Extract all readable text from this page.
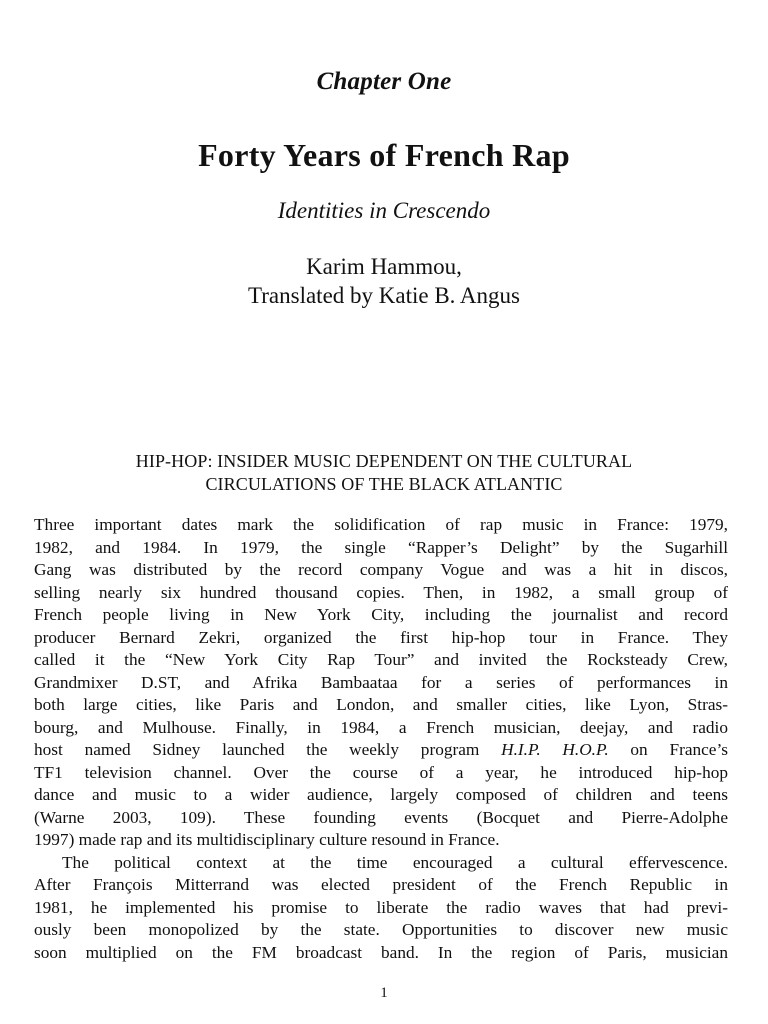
Chapter One
Forty Years of French Rap
Identities in Crescendo
Karim Hammou,
Translated by Katie B. Angus
HIP-HOP: INSIDER MUSIC DEPENDENT ON THE CULTURAL
CIRCULATIONS OF THE BLACK ATLANTIC
Three important dates mark the solidification of rap music in France: 1979,
1982, and 1984. In 1979, the single “Rapper’s Delight” by the Sugarhill
Gang was distributed by the record company Vogue and was a hit in discos,
selling nearly six hundred thousand copies. Then, in 1982, a small group of
French people living in New York City, including the journalist and record
producer Bernard Zekri, organized the first hip-hop tour in France. They
called it the “New York City Rap Tour” and invited the Rocksteady Crew,
Grandmixer D.ST, and Afrika Bambaataa for a series of performances in
both large cities, like Paris and London, and smaller cities, like Lyon, Stras-
bourg, and Mulhouse. Finally, in 1984, a French musician, deejay, and radio
host named Sidney launched the weekly program H.I.P. H.O.P. on France’s
TF1 television channel. Over the course of a year, he introduced hip-hop
dance and music to a wider audience, largely composed of children and teens
(Warne 2003, 109). These founding events (Bocquet and Pierre-Adolphe
1997) made rap and its multidisciplinary culture resound in France.
The political context at the time encouraged a cultural effervescence.
After François Mitterrand was elected president of the French Republic in
1981, he implemented his promise to liberate the radio waves that had previ-
ously been monopolized by the state. Opportunities to discover new music
soon multiplied on the FM broadcast band. In the region of Paris, musician
1
